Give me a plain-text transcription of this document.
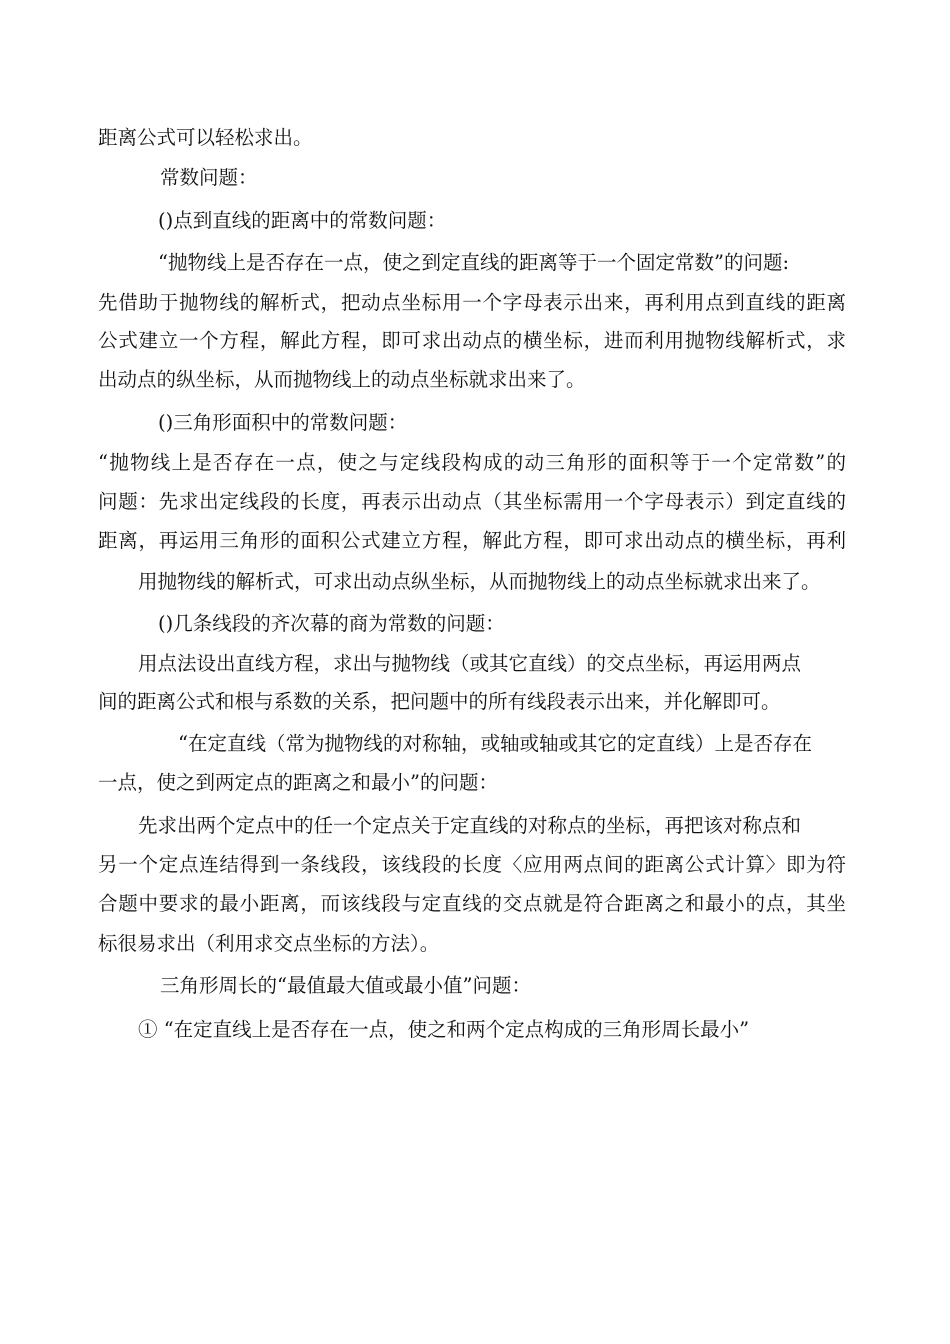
距离公式可以轻松求出。
常数问题：
()点到直线的距离中的常数问题：
“抛物线上是否存在一点，使之到定直线的距离等于一个固定常数”的问题:
先借助于抛物线的解析式，把动点坐标用一个字母表示出来，再利用点到直线的距离
公式建立一个方程，解此方程，即可求出动点的横坐标，进而利用抛物线解析式，求
出动点的纵坐标，从而抛物线上的动点坐标就求出来了。
()三角形面积中的常数问题：
“抛物线上是否存在一点，使之与定线段构成的动三角形的面积等于一个定常数”的
问题：先求出定线段的长度，再表示出动点（其坐标需用一个字母表示）到定直线的
距离，再运用三角形的面积公式建立方程，解此方程，即可求出动点的横坐标，再利
用抛物线的解析式，可求出动点纵坐标，从而抛物线上的动点坐标就求出来了。
()几条线段的齐次幕的商为常数的问题：
用点法设出直线方程，求出与抛物线（或其它直线）的交点坐标，再运用两点
间的距离公式和根与系数的关系，把问题中的所有线段表示出来，并化解即可。
“在定直线（常为抛物线的对称轴，或轴或轴或其它的定直线）上是否存在
一点，使之到两定点的距离之和最小”的问题：
先求出两个定点中的任一个定点关于定直线的对称点的坐标，再把该对称点和
另一个定点连结得到一条线段，该线段的长度〈应用两点间的距离公式计算〉即为符
合题中要求的最小距离，而该线段与定直线的交点就是符合距离之和最小的点，其坐
标很易求出（利用求交点坐标的方法）。
三角形周长的“最值最大值或最小值”问题：
① “在定直线上是否存在一点，使之和两个定点构成的三角形周长最小”
